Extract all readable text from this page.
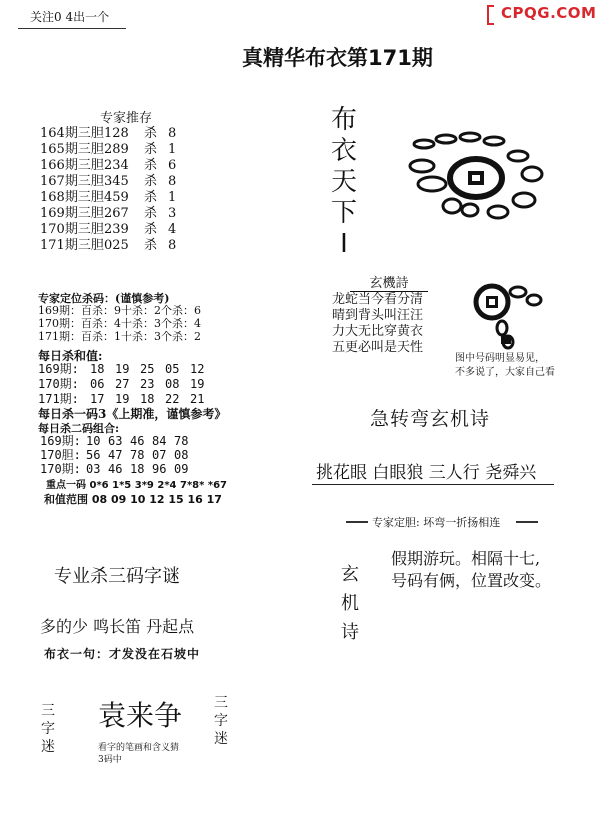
关注0 4出一个	CPQG.COM
真精华布衣第171期
专家推存
164期三胆 128	杀 8
165期三胆 289	杀 1
166期三胆 234	杀 6
167期三胆 345	杀 8
168期三胆 459	杀 1
169期三胆 267	杀 3
170期三胆 239	杀 4
171期三胆 025	杀 8
布
衣
天
下
I
玄機詩
龙蛇当今看分清
晴到背头叫汪汪
力大无比穿黄衣
五更必叫是天性
图中号码明显易见，
不多说了，大家自己看
专家定位杀码：(谨慎参考)
169期：百杀：9十杀：2个杀：6
170期：百杀：4十杀：3个杀：4
171期：百杀：1十杀：3个杀：2
每日杀和值:
169期: 18 19 25 05 12
170期: 06 27 23 08 19
171期: 17 19 18 22 21
每日杀一码3《上期准，谨慎参考》
每日杀二码组合:
169期: 10 63 46 84 78
170胆: 56 47 78 07 08
170期: 03 46 18 96 09
重点一码 0*6 1*5 3*9 2*4 7*8* *67
和值范围 08 09 10 12 15 16 17
急转弯玄机诗
挑花眼 白眼狼 三人行 尧舜兴
专家定胆: 坏弯一折扬相连
玄
机
诗
假期游玩。相隔十七,
号码有俩，位置改变。
专业杀三码字谜
多的少 鸣长笛 丹起点
布衣一句：才发没在石坡中
三
字
迷
袁来争 三
字
迷
看字的笔画和含义猜
3码中
